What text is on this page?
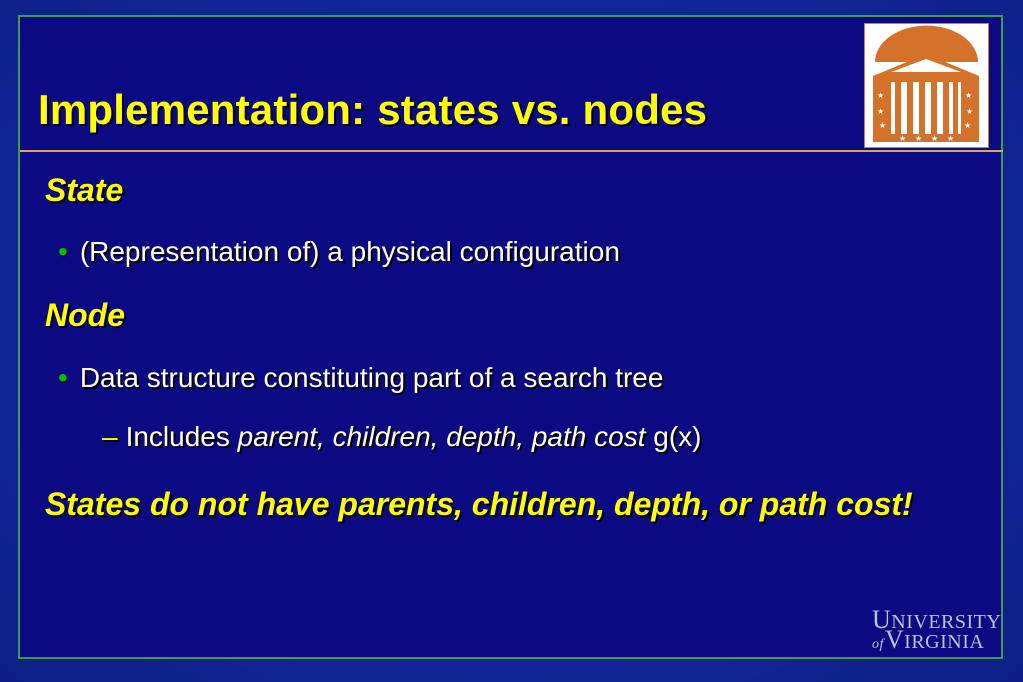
Implementation: states vs. nodes	★
★
★
★
★
★
★ ★ ★ ★
State
• (Representation of) a physical configuration
Node
• Data structure constituting part of a search tree
– Includes parent, children, depth, path cost g(x)
States do not have parents, children, depth, or path cost!
UNIVERSITY
ofVIRGINIA
